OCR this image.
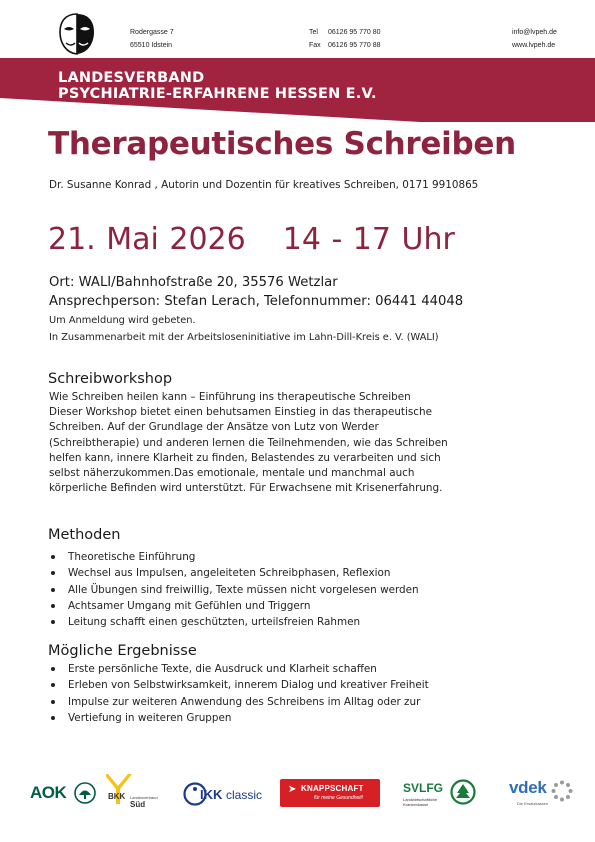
Rodergasse 7
65510 Idstein
Tel 06126 95 770 80
Fax 06126 95 770 88
info@lvpeh.de
www.lvpeh.de
LANDESVERBAND
PSYCHIATRIE-ERFAHRENE HESSEN E.V.
Therapeutisches Schreiben
Dr. Susanne Konrad , Autorin und Dozentin für kreatives Schreiben, 0171 9910865
21. Mai 2026 14 - 17 Uhr
Ort: WALI/Bahnhofstraße 20, 35576 Wetzlar
Ansprechperson: Stefan Lerach, Telefonnummer: 06441 44048
Um Anmeldung wird gebeten.
In Zusammenarbeit mit der Arbeitsloseninitiative im Lahn-Dill-Kreis e. V. (WALI)
Schreibworkshop

Wie Schreiben heilen kann – Einführung ins therapeutische Schreiben

Dieser Workshop bietet einen behutsamen Einstieg in das therapeutische

Schreiben. Auf der Grundlage der Ansätze von Lutz von Werder

(Schreibtherapie) und anderen lernen die Teilnehmenden, wie das Schreiben

helfen kann, innere Klarheit zu finden, Belastendes zu verarbeiten und sich

selbst näherzukommen.Das emotionale, mentale und manchmal auch

körperliche Befinden wird unterstützt. Für Erwachsene mit Krisenerfahrung.

Methoden
Theoretische Einführung
Wechsel aus Impulsen, angeleiteten Schreibphasen, Reflexion
Alle Übungen sind freiwillig, Texte müssen nicht vorgelesen werden
Achtsamer Umgang mit Gefühlen und Triggern
Leitung schafft einen geschützten, urteilsfreien Rahmen
Mögliche Ergebnisse
Erste persönliche Texte, die Ausdruck und Klarheit schaffen
Erleben von Selbstwirksamkeit, innerem Dialog und kreativer Freiheit
Impulse zur weiteren Anwendung des Schreibens im Alltag oder zur
Vertiefung in weiteren Gruppen
AOK	BKK Landesverband
Süd
IKK classic	➤ KNAPPSCHAFT
für meine Gesundheit!
SVLFG
Landwirtschaftliche
Krankenkasse
vdek
Die Ersatzkassen
